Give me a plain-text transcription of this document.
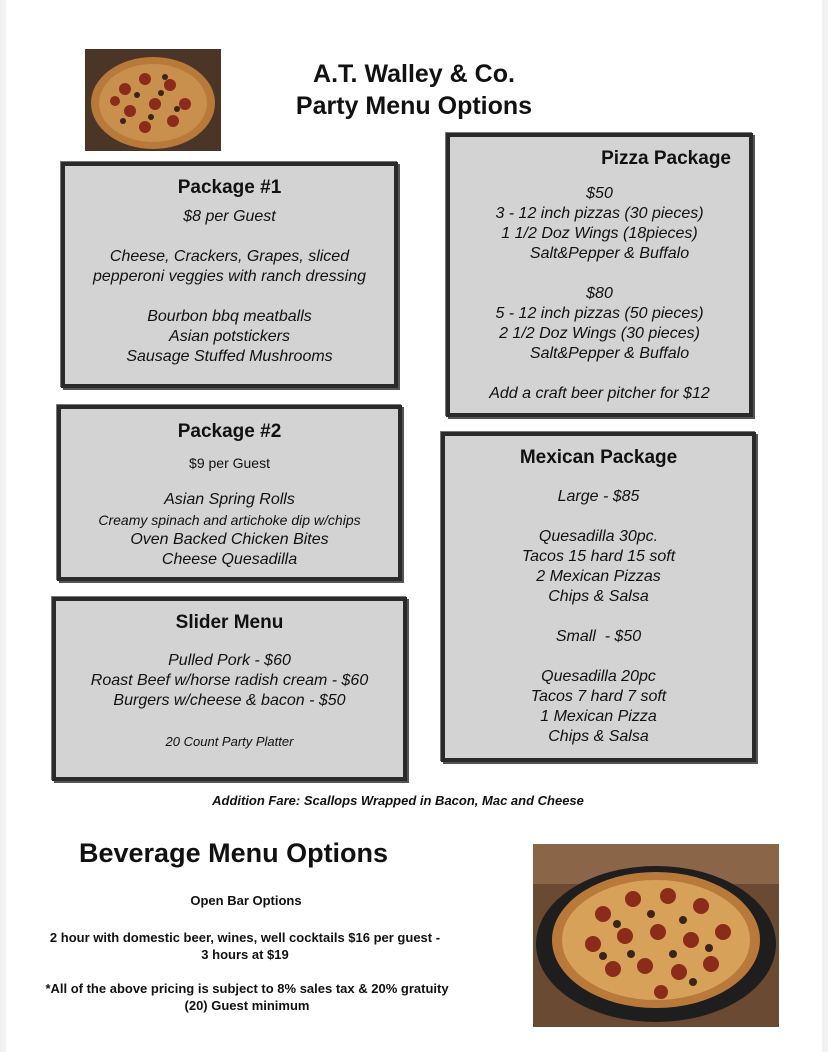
A.T. Walley & Co.
Party Menu Options
Package #1

$8 per Guest

Cheese, Crackers, Grapes, sliced
pepperoni veggies with ranch dressing
Bourbon bbq meatballs
Asian potstickers
Sausage Stuffed Mushrooms
Package #2

$9 per Guest

Asian Spring Rolls
Creamy spinach and artichoke dip w/chips
Oven Backed Chicken Bites
Cheese Quesadilla
Slider Menu
Pulled Pork - $60
Roast Beef w/horse radish cream - $60
Burgers w/cheese & bacon - $50

20 Count Party Platter

Pizza Package
$50
3 - 12 inch pizzas (30 pieces)
1 1/2 Doz Wings (18pieces)
Salt&Pepper & Buffalo
$80
5 - 12 inch pizzas (50 pieces)
2 1/2 Doz Wings (30 pieces)
Salt&Pepper & Buffalo
Add a craft beer pitcher for $12
Mexican Package
Large - $85
Quesadilla 30pc.
Tacos 15 hard 15 soft
2 Mexican Pizzas
Chips & Salsa
Small  - $50
Quesadilla 20pc
Tacos 7 hard 7 soft
1 Mexican Pizza
Chips & Salsa
Addition Fare: Scallops Wrapped in Bacon, Mac and Cheese
Beverage Menu Options
Open Bar Options
2 hour with domestic beer, wines, well cocktails $16 per guest -
3 hours at $19
*All of the above pricing is subject to 8% sales tax & 20% gratuity
(20) Guest minimum
